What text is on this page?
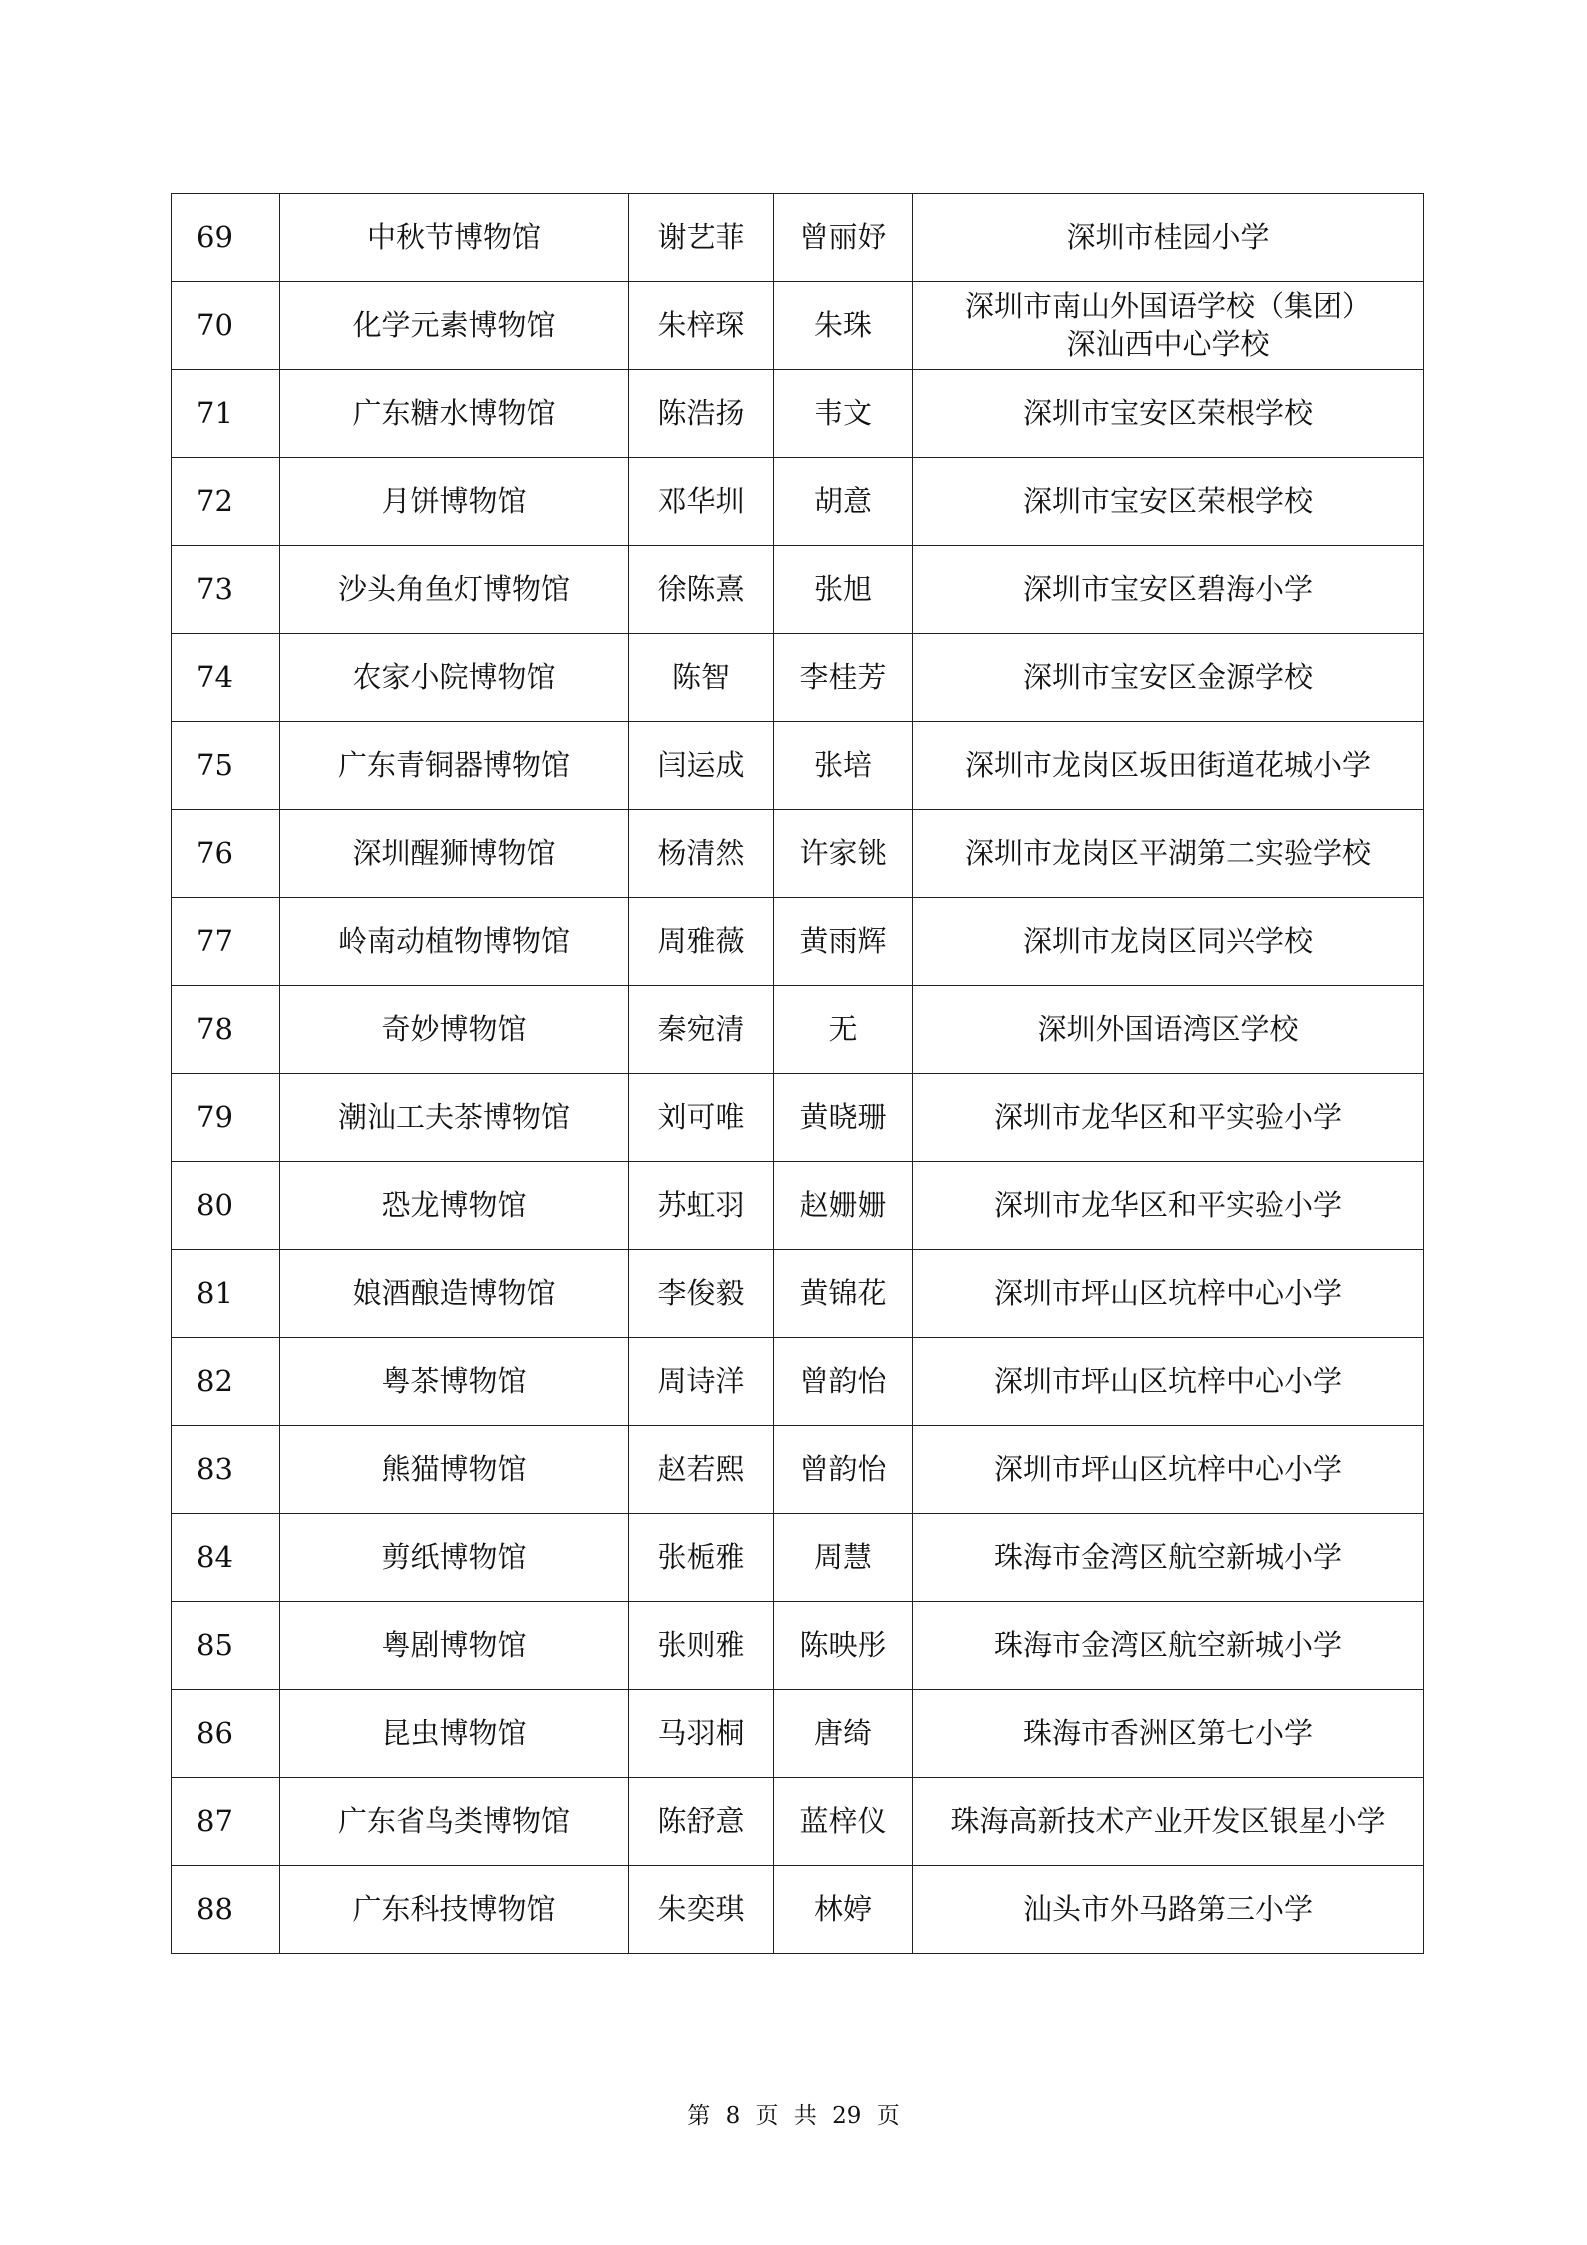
69	中秋节博物馆	谢艺菲	曾丽妤	深圳市桂园小学

70	化学元素博物馆	朱梓琛	朱珠	深圳市南山外国语学校（集团）
深汕西中心学校

71	广东糖水博物馆	陈浩扬	韦文	深圳市宝安区荣根学校

72	月饼博物馆	邓华圳	胡意	深圳市宝安区荣根学校

73	沙头角鱼灯博物馆	徐陈熹	张旭	深圳市宝安区碧海小学

74	农家小院博物馆	陈智	李桂芳	深圳市宝安区金源学校

75	广东青铜器博物馆	闫运成	张培	深圳市龙岗区坂田街道花城小学

76	深圳醒狮博物馆	杨清然	许家铫	深圳市龙岗区平湖第二实验学校

77	岭南动植物博物馆	周雅薇	黄雨辉	深圳市龙岗区同兴学校

78	奇妙博物馆	秦宛清	无	深圳外国语湾区学校

79	潮汕工夫茶博物馆	刘可唯	黄晓珊	深圳市龙华区和平实验小学

80	恐龙博物馆	苏虹羽	赵姗姗	深圳市龙华区和平实验小学

81	娘酒酿造博物馆	李俊毅	黄锦花	深圳市坪山区坑梓中心小学

82	粤茶博物馆	周诗洋	曾韵怡	深圳市坪山区坑梓中心小学

83	熊猫博物馆	赵若熙	曾韵怡	深圳市坪山区坑梓中心小学

84	剪纸博物馆	张栀雅	周慧	珠海市金湾区航空新城小学

85	粤剧博物馆	张则雅	陈映彤	珠海市金湾区航空新城小学

86	昆虫博物馆	马羽桐	唐绮	珠海市香洲区第七小学

87	广东省鸟类博物馆	陈舒意	蓝梓仪	珠海高新技术产业开发区银星小学

88	广东科技博物馆	朱奕琪	林婷	汕头市外马路第三小学
第 8 页 共 29 页
